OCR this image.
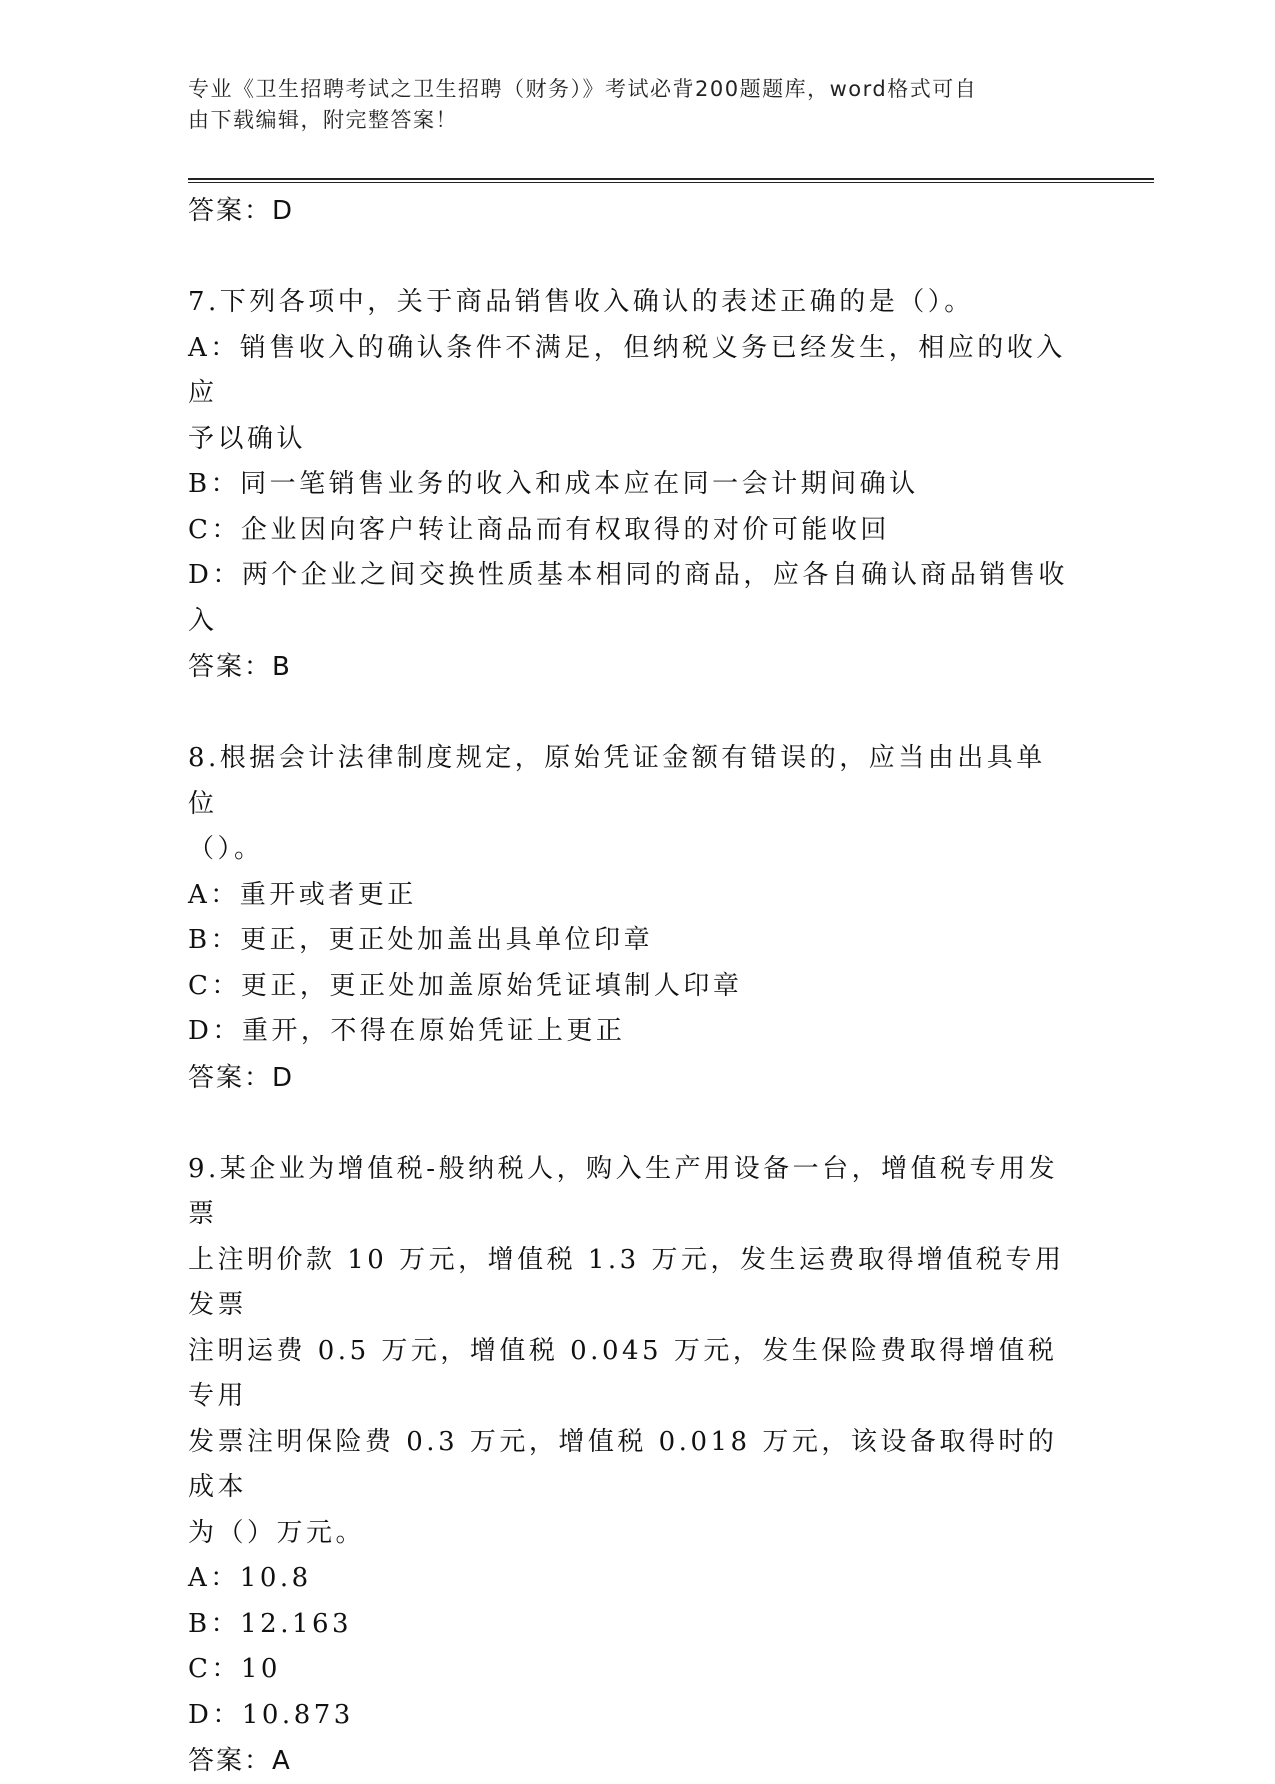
专业《卫生招聘考试之卫生招聘（财务）》考试必背200题题库，word格式可自
由下载编辑，附完整答案！
答案：D
7.下列各项中，关于商品销售收入确认的表述正确的是（）。
A：销售收入的确认条件不满足，但纳税义务已经发生，相应的收入应
予以确认
B：同一笔销售业务的收入和成本应在同一会计期间确认
C：企业因向客户转让商品而有权取得的对价可能收回
D：两个企业之间交换性质基本相同的商品，应各自确认商品销售收入
答案：B
8.根据会计法律制度规定，原始凭证金额有错误的，应当由出具单位
（）。
A：重开或者更正
B：更正，更正处加盖出具单位印章
C：更正，更正处加盖原始凭证填制人印章
D：重开，不得在原始凭证上更正
答案：D
9.某企业为增值税-般纳税人，购入生产用设备一台，增值税专用发票
上注明价款 10 万元，增值税 1.3 万元，发生运费取得增值税专用发票
注明运费 0.5 万元，增值税 0.045 万元，发生保险费取得增值税专用
发票注明保险费 0.3 万元，增值税 0.018 万元，该设备取得时的成本
为（）万元。
A：10.8
B：12.163
C：10
D：10.873
答案：A
